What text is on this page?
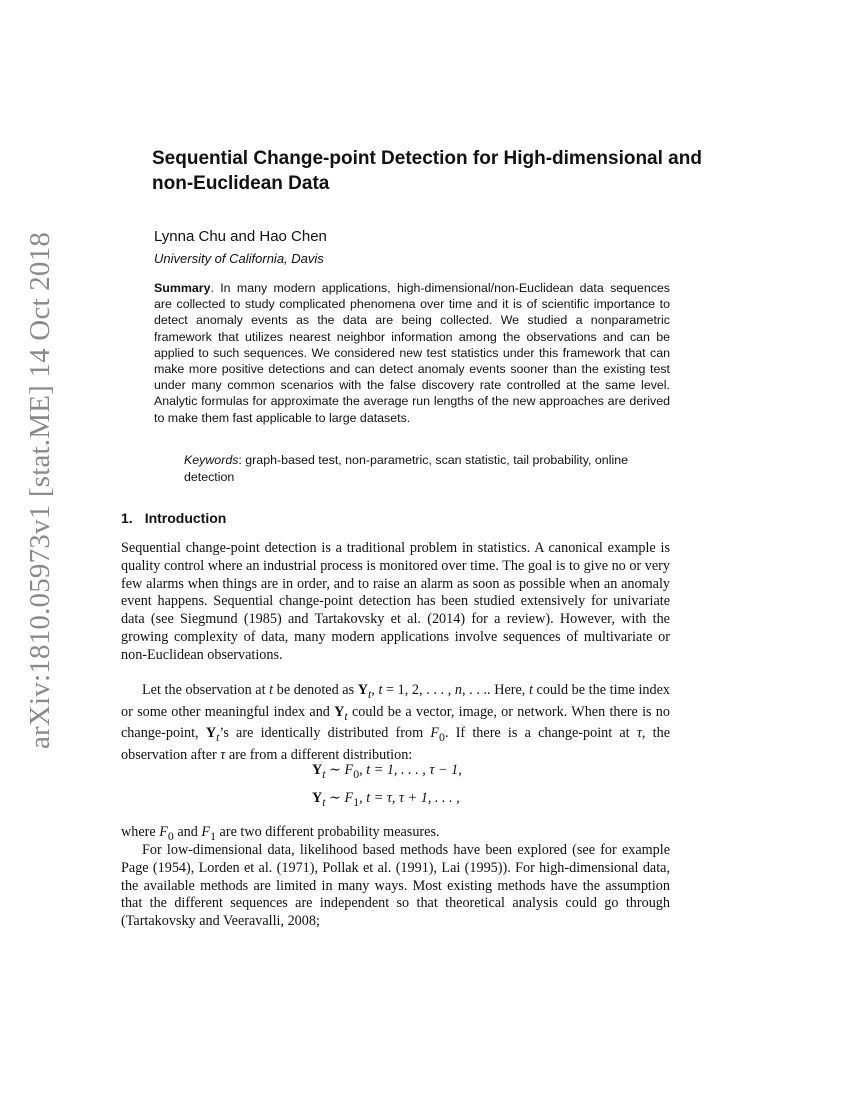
arXiv:1810.05973v1 [stat.ME] 14 Oct 2018
Sequential Change-point Detection for High-dimensional and non-Euclidean Data
Lynna Chu and Hao Chen
University of California, Davis

Summary. In many modern applications, high-dimensional/non-Euclidean data sequences are collected to study complicated phenomena over time and it is of scientific importance to detect anomaly events as the data are being collected. We studied a nonparametric framework that utilizes nearest neighbor information among the observations and can be applied to such sequences. We considered new test statistics under this framework that can make more positive detections and can detect anomaly events sooner than the existing test under many common scenarios with the false discovery rate controlled at the same level. Analytic formulas for approximate the average run lengths of the new approaches are derived to make them fast applicable to large datasets.

Keywords: graph-based test, non-parametric, scan statistic, tail probability, online detection

1. Introduction

Sequential change-point detection is a traditional problem in statistics. A canonical example is quality control where an industrial process is monitored over time. The goal is to give no or very few alarms when things are in order, and to raise an alarm as soon as possible when an anomaly event happens. Sequential change-point detection has been studied extensively for univariate data (see Siegmund (1985) and Tartakovsky et al. (2014) for a review). However, with the growing complexity of data, many modern applications involve sequences of multivariate or non-Euclidean observations.

Let the observation at t be denoted as $Y_t$, t = 1, 2, . . . , n, . . .. Here, t could be the time index or some other meaningful index and $Y_t$ could be a vector, image, or network. When there is no change-point, $Y_t’s$ are identically distributed from $F_0$. If there is a change-point at τ, the observation after τ are from a different distribution:

$Y_t$ ∼ $F_0$, t = 1, . . . , τ − 1,
$Y_t$ ∼ $F_1$, t = τ, τ + 1, . . . ,

where $F_0$ and $F_1$ are two different probability measures.

For low-dimensional data, likelihood based methods have been explored (see for example Page (1954), Lorden et al. (1971), Pollak et al. (1991), Lai (1995)). For high-dimensional data, the available methods are limited in many ways. Most existing methods have the assumption that the different sequences are independent so that theoretical analysis could go through (Tartakovsky and Veeravalli, 2008;
